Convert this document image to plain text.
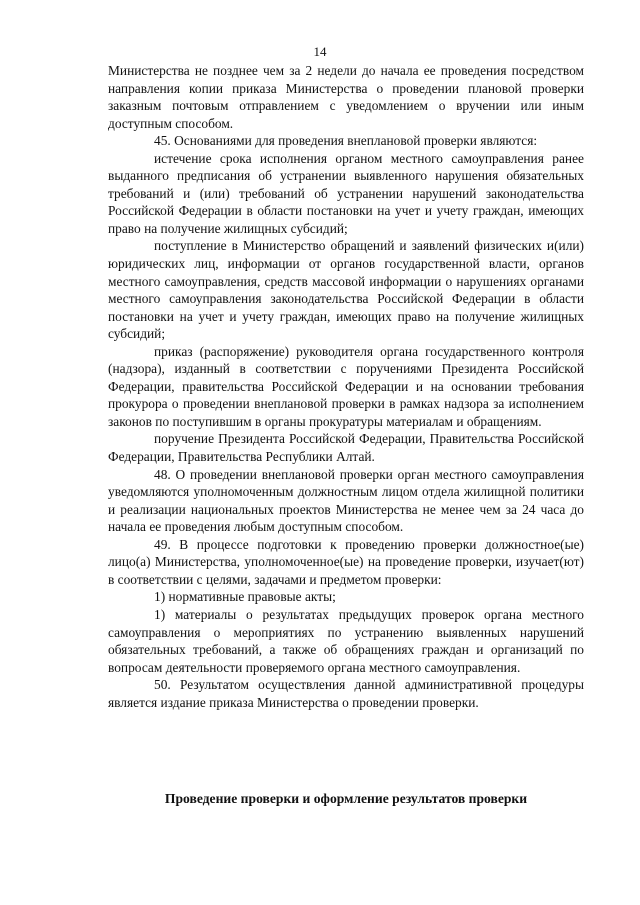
14

Министерства не позднее чем за 2 недели до начала ее проведения посредством направления копии приказа Министерства о проведении плановой проверки заказным почтовым отправлением с уведомлением о вручении или иным доступным способом.

45. Основаниями для проведения внеплановой проверки являются:

истечение срока исполнения органом местного самоуправления ранее выданного предписания об устранении выявленного нарушения обязательных требований и (или) требований об устранении нарушений законодательства Российской Федерации в области постановки на учет и учету граждан, имеющих право на получение жилищных субсидий;

поступление в Министерство обращений и заявлений физических и(или) юридических лиц, информации от органов государственной власти, органов местного самоуправления, средств массовой информации о нарушениях органами местного самоуправления законодательства Российской Федерации в области постановки на учет и учету граждан, имеющих право на получение жилищных субсидий;

приказ (распоряжение) руководителя органа государственного контроля (надзора), изданный в соответствии с поручениями Президента Российской Федерации, правительства Российской Федерации и на основании требования прокурора о проведении внеплановой проверки в рамках надзора за исполнением законов по поступившим в органы прокуратуры материалам и обращениям.

поручение Президента Российской Федерации, Правительства Российской Федерации, Правительства Республики Алтай.

48. О проведении внеплановой проверки орган местного самоуправления уведомляются уполномоченным должностным лицом отдела жилищной политики и реализации национальных проектов Министерства не менее чем за 24 часа до начала ее проведения любым доступным способом.

49. В процессе подготовки к проведению проверки должностное(ые) лицо(а) Министерства, уполномоченное(ые) на проведение проверки, изучает(ют) в соответствии с целями, задачами и предметом проверки:

1) нормативные правовые акты;

1) материалы о результатах предыдущих проверок органа местного самоуправления о мероприятиях по устранению выявленных нарушений обязательных требований, а также об обращениях граждан и организаций по вопросам деятельности проверяемого органа местного самоуправления.

50. Результатом осуществления данной административной процедуры является издание приказа Министерства о проведении проверки.

Проведение проверки и оформление результатов проверки
